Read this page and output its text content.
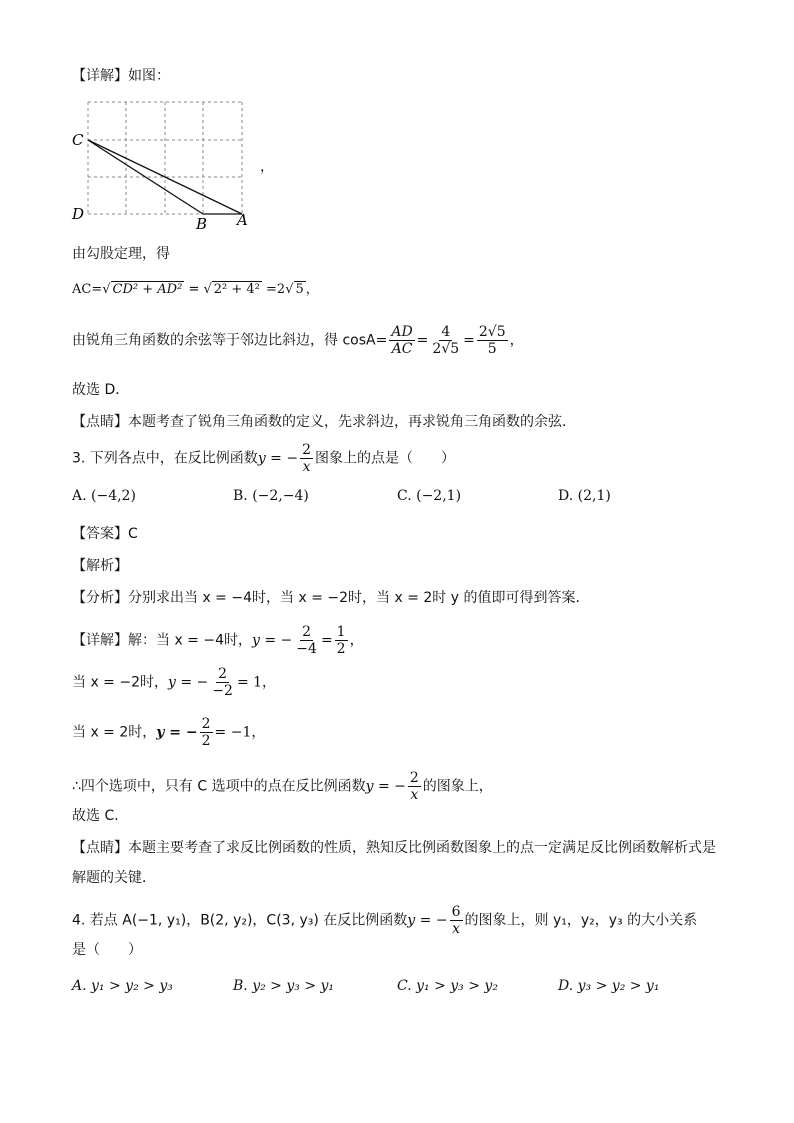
【详解】如图：
C
D
B A
，
由勾股定理，得
AC=√ CD² + AD² = √ 2² + 4² =2√ 5 ，
由锐角三角函数的余弦等于邻边比斜边，得 $\cos A= \frac{AD}{AC} = \frac{4}{2√5} = \frac{2√5}{5}$ ，
故选 D．
【点睛】本题考查了锐角三角函数的定义，先求斜边，再求锐角三角函数的余弦．
3. 下列各点中，在反比例函数y = − $\frac{2}{x}$ 图象上的点是（　　）
A. (−4,2)	B. (−2,−4)	C. (−2,1)	D. (2,1)
【答案】C
【解析】
【分析】分别求出当 x = −4时，当 x = −2时，当 x = 2时 y 的值即可得到答案．
【详解】解：当 x = −4时，y = − $\frac{2}{-4} = \frac{1}{2}$ ，
当 x = −2时，y = − $\frac{2}{-2} = 1$，
当 x = 2时，y = − $\frac{2}{2} = -1$，
∴四个选项中，只有 C 选项中的点在反比例函数y = − $\frac{2}{x}$ 的图象上，
故选 C．
【点睛】本题主要考查了求反比例函数的性质，熟知反比例函数图象上的点一定满足反比例函数解析式是
解题的关键．
4. 若点 A(−1, y₁)，B(2, y₂)，C(3, y₃) 在反比例函数y = − $\frac{6}{x}$ 的图象上，则 y₁，y₂，y₃ 的大小关系
是（　　）
A. y₁ > y₂ > y₃	B. y₂ > y₃ > y₁	C. y₁ > y₃ > y₂	D. y₃ > y₂ > y₁
